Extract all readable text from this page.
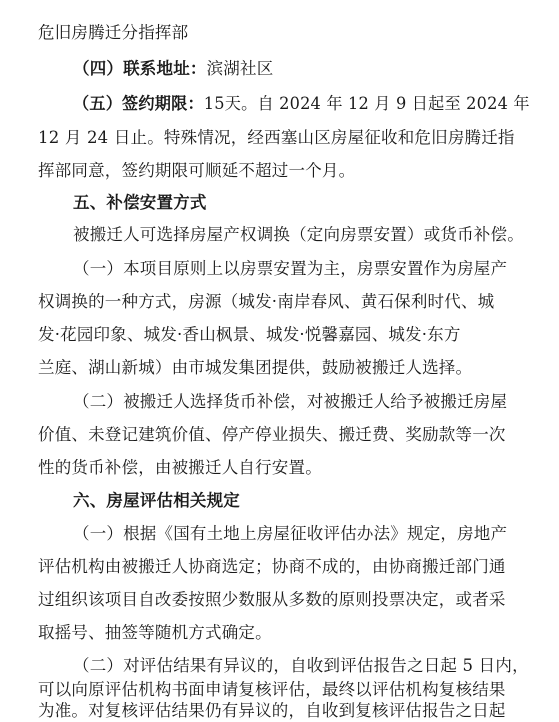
危旧房腾迁分指挥部
（四）联系地址：滨湖社区
（五）签约期限：15天。自 2024 年 12 月 9 日起至 2024 年
12 月 24 日止。特殊情况，经西塞山区房屋征收和危旧房腾迁指
挥部同意，签约期限可顺延不超过一个月。
五、补偿安置方式
被搬迁人可选择房屋产权调换（定向房票安置）或货币补偿。
（一）本项目原则上以房票安置为主，房票安置作为房屋产
权调换的一种方式，房源（城发·南岸春风、黄石保利时代、城
发·花园印象、城发·香山枫景、城发·悦馨嘉园、城发·东方
兰庭、湖山新城）由市城发集团提供，鼓励被搬迁人选择。
（二）被搬迁人选择货币补偿，对被搬迁人给予被搬迁房屋
价值、未登记建筑价值、停产停业损失、搬迁费、奖励款等一次
性的货币补偿，由被搬迁人自行安置。
六、房屋评估相关规定
（一）根据《国有土地上房屋征收评估办法》规定，房地产
评估机构由被搬迁人协商选定；协商不成的，由协商搬迁部门通
过组织该项目自改委按照少数服从多数的原则投票决定，或者采
取摇号、抽签等随机方式确定。
（二）对评估结果有异议的，自收到评估报告之日起 5 日内，
可以向原评估机构书面申请复核评估，最终以评估机构复核结果
为准。对复核评估结果仍有异议的，自收到复核评估报告之日起
